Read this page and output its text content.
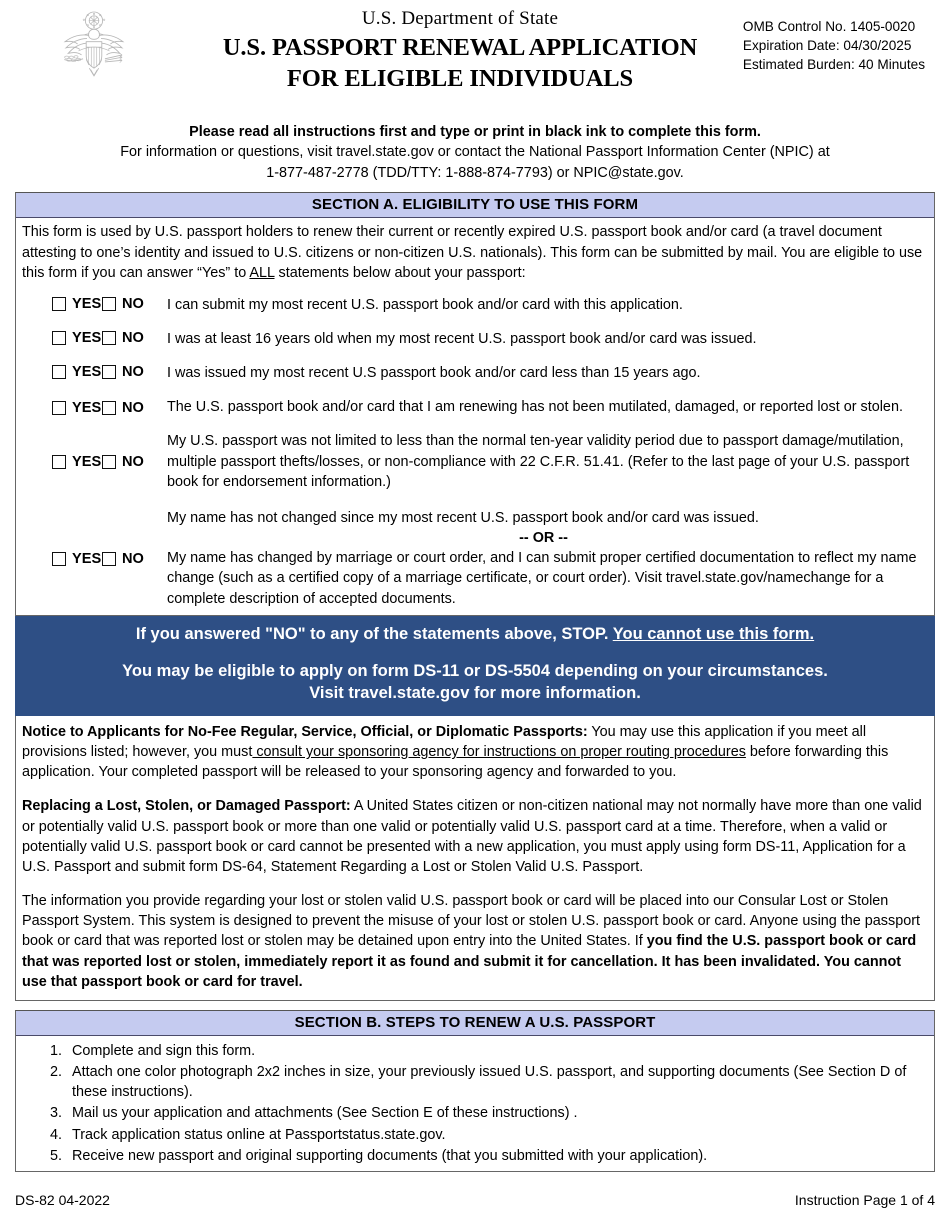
U.S. Department of State
U.S. PASSPORT RENEWAL APPLICATION
FOR ELIGIBLE INDIVIDUALS
OMB Control No. 1405-0020
Expiration Date: 04/30/2025
Estimated Burden: 40 Minutes
Please read all instructions first and type or print in black ink to complete this form.
For information or questions, visit travel.state.gov or contact the National Passport Information Center (NPIC) at
1-877-487-2778 (TDD/TTY: 1-888-874-7793) or NPIC@state.gov.
SECTION A. ELIGIBILITY TO USE THIS FORM

This form is used by U.S. passport holders to renew their current or recently expired U.S. passport book and/or card (a travel document attesting to one’s identity and issued to U.S. citizens or non-citizen U.S. nationals). This form can be submitted by mail. You are eligible to use this form if you can answer “Yes” to ALL statements below about your passport:

YES NO I can submit my most recent U.S. passport book and/or card with this application.
YES NO I was at least 16 years old when my most recent U.S. passport book and/or card was issued.
YES NO I was issued my most recent U.S passport book and/or card less than 15 years ago.
YES NO The U.S. passport book and/or card that I am renewing has not been mutilated, damaged, or reported lost or stolen.
YES NO
My U.S. passport was not limited to less than the normal ten-year validity period due to passport damage/mutilation, multiple passport thefts/losses, or non-compliance with 22 C.F.R. 51.41. (Refer to the last page of your U.S. passport book for endorsement information.)
YES NO
My name has not changed since my most recent U.S. passport book and/or card was issued.
-- OR --
My name has changed by marriage or court order, and I can submit proper certified documentation to reflect my name change (such as a certified copy of a marriage certificate, or court order). Visit travel.state.gov/namechange for a complete description of accepted documents.
If you answered "NO" to any of the statements above, STOP. You cannot use this form.
You may be eligible to apply on form DS-11 or DS-5504 depending on your circumstances.
Visit travel.state.gov for more information.

Notice to Applicants for No-Fee Regular, Service, Official, or Diplomatic Passports: You may use this application if you meet all provisions listed; however, you must consult your sponsoring agency for instructions on proper routing procedures before forwarding this application. Your completed passport will be released to your sponsoring agency and forwarded to you.

Replacing a Lost, Stolen, or Damaged Passport: A United States citizen or non-citizen national may not normally have more than one valid or potentially valid U.S. passport book or more than one valid or potentially valid U.S. passport card at a time. Therefore, when a valid or potentially valid U.S. passport book or card cannot be presented with a new application, you must apply using form DS-11, Application for a U.S. Passport and submit form DS-64, Statement Regarding a Lost or Stolen Valid U.S. Passport.

The information you provide regarding your lost or stolen valid U.S. passport book or card will be placed into our Consular Lost or Stolen Passport System. This system is designed to prevent the misuse of your lost or stolen U.S. passport book or card. Anyone using the passport book or card that was reported lost or stolen may be detained upon entry into the United States. If you find the U.S. passport book or card that was reported lost or stolen, immediately report it as found and submit it for cancellation. It has been invalidated. You cannot use that passport book or card for travel.

SECTION B. STEPS TO RENEW A U.S. PASSPORT
1. Complete and sign this form.
2. Attach one color photograph 2x2 inches in size, your previously issued U.S. passport, and supporting documents (See Section D of these instructions).
3. Mail us your application and attachments (See Section E of these instructions) .
4. Track application status online at Passportstatus.state.gov.
5. Receive new passport and original supporting documents (that you submitted with your application).
DS-82 04-2022	Instruction Page 1 of 4
